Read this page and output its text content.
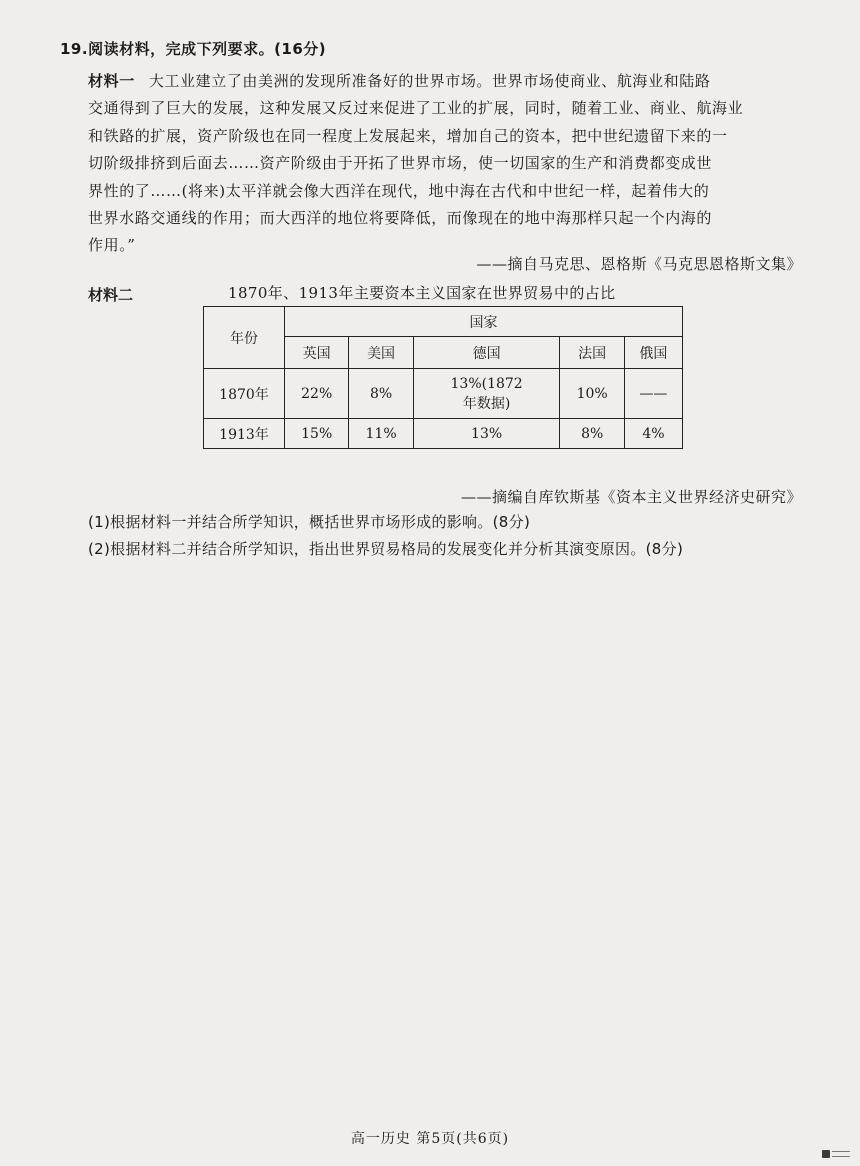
19.阅读材料，完成下列要求。(16分)

材料一 大工业建立了由美洲的发现所准备好的世界市场。世界市场使商业、航海业和陆路
交通得到了巨大的发展，这种发展又反过来促进了工业的扩展，同时，随着工业、商业、航海业
和铁路的扩展，资产阶级也在同一程度上发展起来，增加自己的资本，把中世纪遗留下来的一
切阶级排挤到后面去……资产阶级由于开拓了世界市场，使一切国家的生产和消费都变成世
界性的了……(将来)太平洋就会像大西洋在现代，地中海在古代和中世纪一样，起着伟大的
世界水路交通线的作用；而大西洋的地位将要降低，而像现在的地中海那样只起一个内海的
作用。”

——摘自马克思、恩格斯《马克思恩格斯文集》
材料二	1870年、1913年主要资本主义国家在世界贸易中的占比
年份	国家				
	英国	美国	德国	法国	俄国
1870年	22%	8%	13%(1872
年数据)	10%	——
1913年	15%	11%	13%	8%	4%
——摘编自库钦斯基《资本主义世界经济史研究》
(1)根据材料一并结合所学知识，概括世界市场形成的影响。(8分)
(2)根据材料二并结合所学知识，指出世界贸易格局的发展变化并分析其演变原因。(8分)
高一历史 第5页(共6页)
